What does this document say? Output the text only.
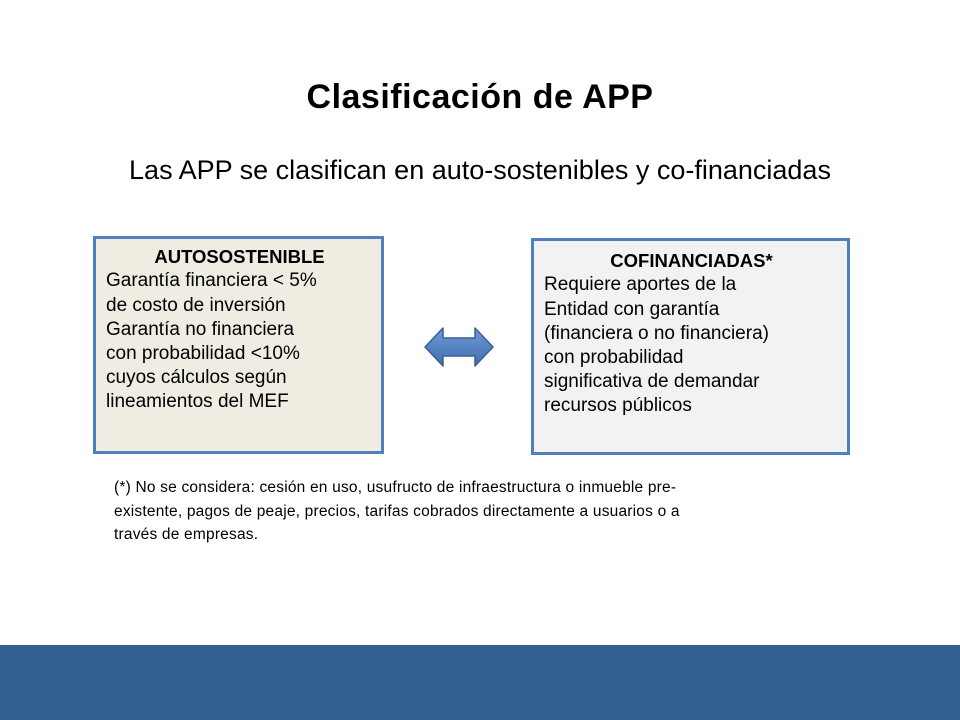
Clasificación de APP
Las APP se clasifican en auto-sostenibles y co-financiadas
AUTOSOSTENIBLE
Garantía financiera < 5%
de costo de inversión
Garantía no financiera
con probabilidad <10%
cuyos cálculos según
lineamientos del MEF
COFINANCIADAS*
Requiere aportes de la
Entidad con garantía
(financiera o no financiera)
con probabilidad
significativa de demandar
recursos públicos
(*) No se considera: cesión en uso, usufructo de infraestructura o inmueble pre-
existente, pagos de peaje, precios, tarifas cobrados directamente a usuarios o a
través de empresas.
